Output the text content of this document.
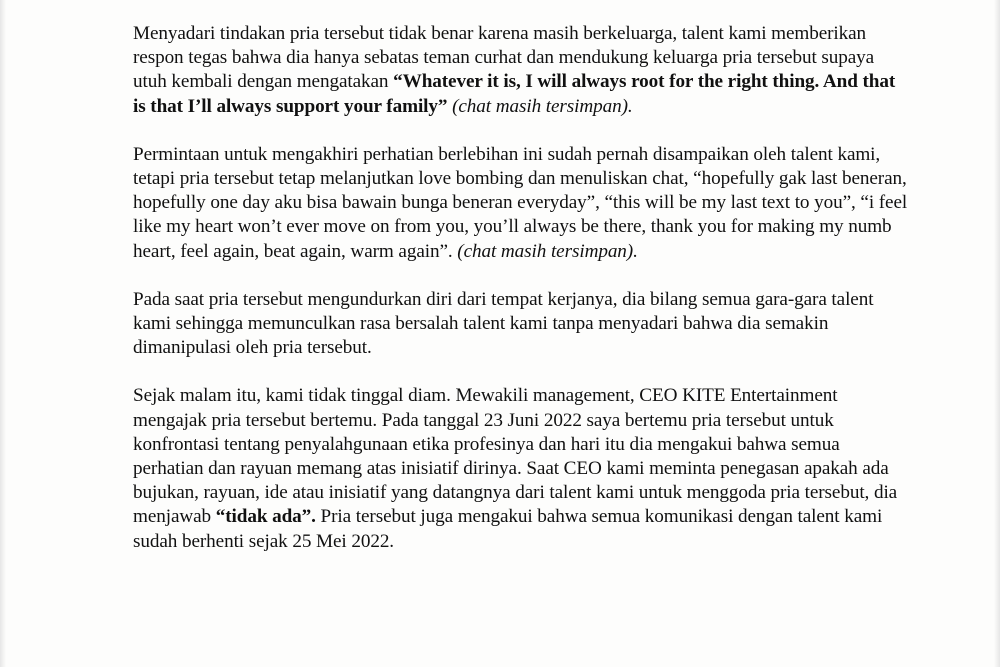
Menyadari tindakan pria tersebut tidak benar karena masih berkeluarga, talent kami memberikan respon tegas bahwa dia hanya sebatas teman curhat dan mendukung keluarga pria tersebut supaya utuh kembali dengan mengatakan “Whatever it is, I will always root for the right thing. And that is that I’ll always support your family” (chat masih tersimpan).

Permintaan untuk mengakhiri perhatian berlebihan ini sudah pernah disampaikan oleh talent kami, tetapi pria tersebut tetap melanjutkan love bombing dan menuliskan chat, “hopefully gak last beneran, hopefully one day aku bisa bawain bunga beneran everyday”, “this will be my last text to you”, “i feel like my heart won’t ever move on from you, you’ll always be there, thank you for making my numb heart, feel again, beat again, warm again”. (chat masih tersimpan).

Pada saat pria tersebut mengundurkan diri dari tempat kerjanya, dia bilang semua gara-gara talent kami sehingga memunculkan rasa bersalah talent kami tanpa menyadari bahwa dia semakin dimanipulasi oleh pria tersebut.

Sejak malam itu, kami tidak tinggal diam. Mewakili management, CEO KITE Entertainment mengajak pria tersebut bertemu. Pada tanggal 23 Juni 2022 saya bertemu pria tersebut untuk konfrontasi tentang penyalahgunaan etika profesinya dan hari itu dia mengakui bahwa semua perhatian dan rayuan memang atas inisiatif dirinya. Saat CEO kami meminta penegasan apakah ada bujukan, rayuan, ide atau inisiatif yang datangnya dari talent kami untuk menggoda pria tersebut, dia menjawab “tidak ada”. Pria tersebut juga mengakui bahwa semua komunikasi dengan talent kami sudah berhenti sejak 25 Mei 2022.
